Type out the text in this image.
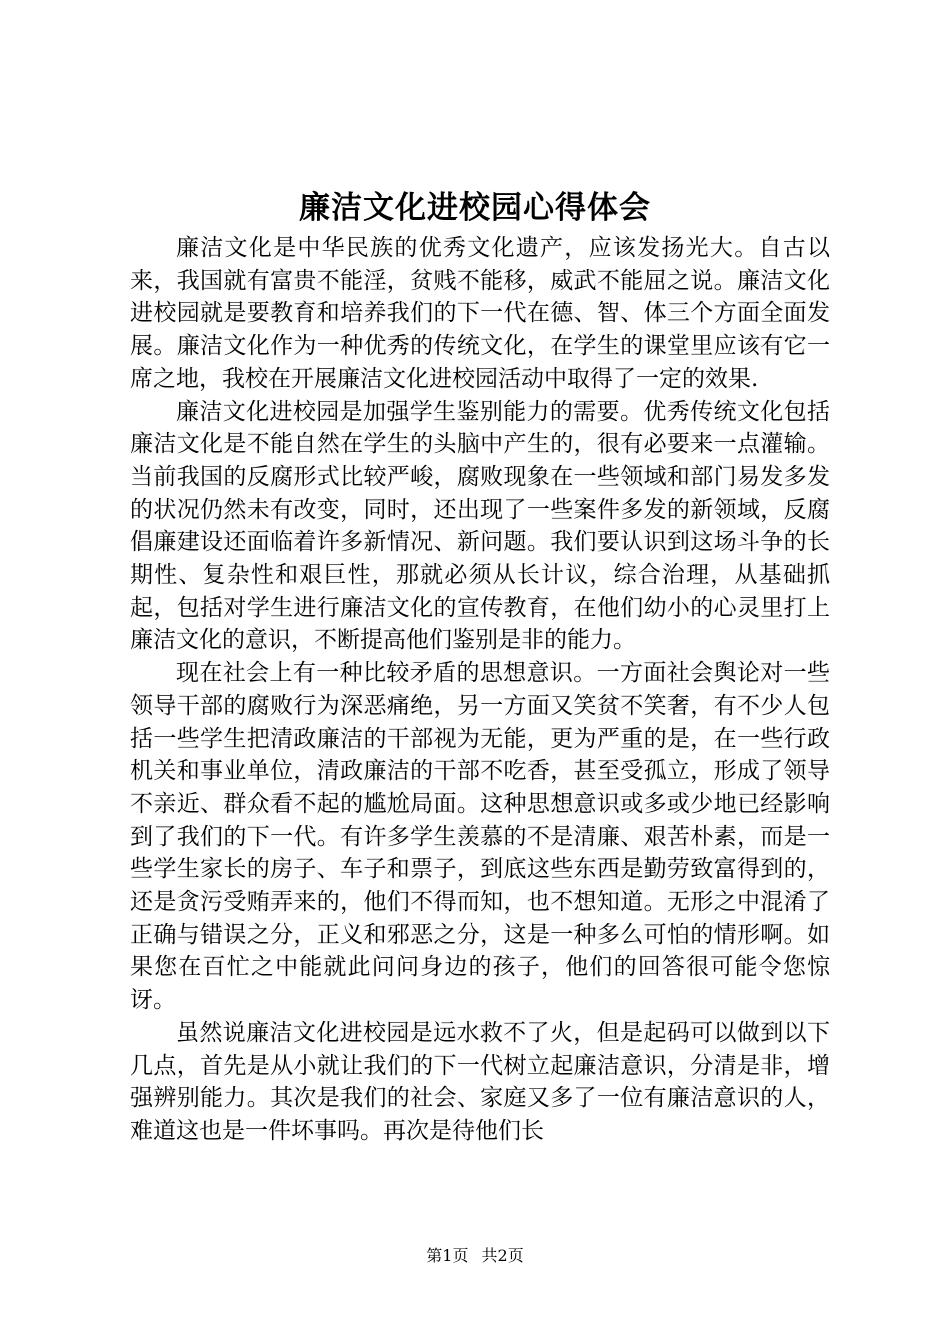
廉洁文化进校园心得体会

廉洁文化是中华民族的优秀文化遗产，应该发扬光大。自古以来，我国就有富贵不能淫，贫贱不能移，威武不能屈之说。廉洁文化进校园就是要教育和培养我们的下一代在德、智、体三个方面全面发展。廉洁文化作为一种优秀的传统文化，在学生的课堂里应该有它一席之地，我校在开展廉洁文化进校园活动中取得了一定的效果.

廉洁文化进校园是加强学生鉴别能力的需要。优秀传统文化包括廉洁文化是不能自然在学生的头脑中产生的，很有必要来一点灌输。当前我国的反腐形式比较严峻，腐败现象在一些领域和部门易发多发的状况仍然未有改变，同时，还出现了一些案件多发的新领域，反腐倡廉建设还面临着许多新情况、新问题。我们要认识到这场斗争的长期性、复杂性和艰巨性，那就必须从长计议，综合治理，从基础抓起，包括对学生进行廉洁文化的宣传教育，在他们幼小的心灵里打上廉洁文化的意识，不断提高他们鉴别是非的能力。

现在社会上有一种比较矛盾的思想意识。一方面社会舆论对一些领导干部的腐败行为深恶痛绝，另一方面又笑贫不笑奢，有不少人包括一些学生把清政廉洁的干部视为无能，更为严重的是，在一些行政机关和事业单位，清政廉洁的干部不吃香，甚至受孤立，形成了领导不亲近、群众看不起的尴尬局面。这种思想意识或多或少地已经影响到了我们的下一代。有许多学生羡慕的不是清廉、艰苦朴素，而是一些学生家长的房子、车子和票子，到底这些东西是勤劳致富得到的，还是贪污受贿弄来的，他们不得而知，也不想知道。无形之中混淆了正确与错误之分，正义和邪恶之分，这是一种多么可怕的情形啊。如果您在百忙之中能就此问问身边的孩子，他们的回答很可能令您惊讶。

虽然说廉洁文化进校园是远水救不了火，但是起码可以做到以下几点，首先是从小就让我们的下一代树立起廉洁意识，分清是非，增强辨别能力。其次是我们的社会、家庭又多了一位有廉洁意识的人，难道这也是一件坏事吗。再次是待他们长

第1页 共2页
